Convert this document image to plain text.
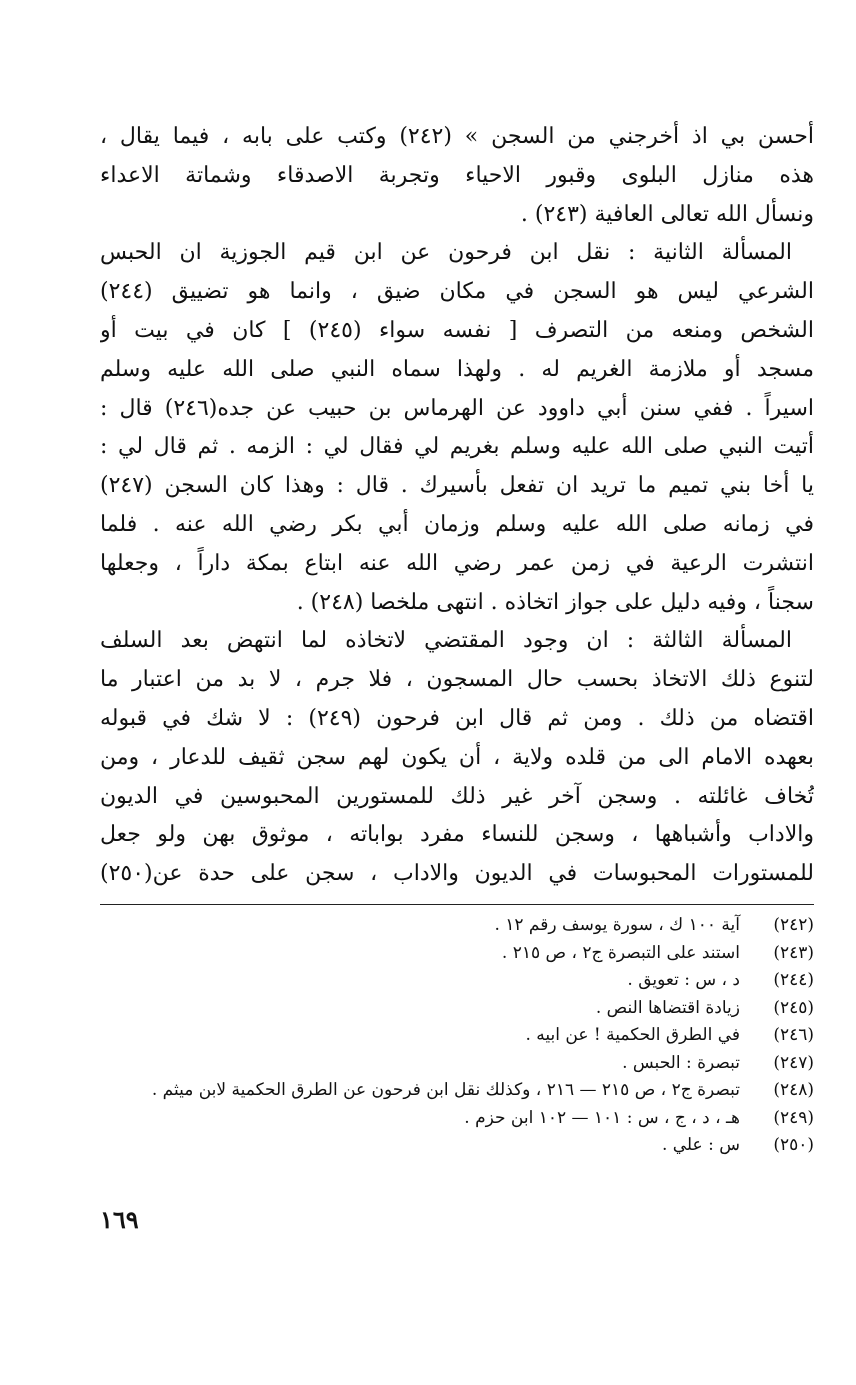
أحسن بي اذ أخرجني من السجن » (٢٤٢) وكتب على بابه ، فيما يقال ،
هذه منازل البلوى وقبور الاحياء وتجربة الاصدقاء وشماتة الاعداء
ونسأل الله تعالى العافية (٢٤٣) .
المسألة الثانية : نقل ابن فرحون عن ابن قيم الجوزية ان الحبس
الشرعي ليس هو السجن في مكان ضيق ، وانما هو تضييق (٢٤٤)
الشخص ومنعه من التصرف [ نفسه سواء (٢٤٥) ] كان في بيت أو
مسجد أو ملازمة الغريم له . ولهذا سماه النبي صلى الله عليه وسلم
اسيراً . ففي سنن أبي داوود عن الهرماس بن حبيب عن جده(٢٤٦) قال :
أتيت النبي صلى الله عليه وسلم بغريم لي فقال لي : الزمه . ثم قال لي :
يا أخا بني تميم ما تريد ان تفعل بأسيرك . قال : وهذا كان السجن (٢٤٧)
في زمانه صلى الله عليه وسلم وزمان أبي بكر رضي الله عنه . فلما
انتشرت الرعية في زمن عمر رضي الله عنه ابتاع بمكة داراً ، وجعلها
سجناً ، وفيه دليل على جواز اتخاذه . انتهى ملخصا (٢٤٨) .
المسألة الثالثة : ان وجود المقتضي لاتخاذه لما انتهض بعد السلف
لتنوع ذلك الاتخاذ بحسب حال المسجون ، فلا جرم ، لا بد من اعتبار ما
اقتضاه من ذلك . ومن ثم قال ابن فرحون (٢٤٩) : لا شك في قبوله
بعهده الامام الى من قلده ولاية ، أن يكون لهم سجن ثقيف للدعار ، ومن
تُخاف غائلته . وسجن آخر غير ذلك للمستورين المحبوسين في الديون
والاداب وأشباهها ، وسجن للنساء مفرد بواباته ، موثوق بهن ولو جعل
للمستورات المحبوسات في الديون والاداب ، سجن على حدة عن(٢٥٠)
(٢٤٢)
آية ١٠٠ ك ، سورة يوسف رقم ١٢ .
(٢٤٣)
استند على التبصرة ج٢ ، ص ٢١٥ .
(٢٤٤)
د ، س : تعويق .
(٢٤٥)
زيادة اقتضاها النص .
(٢٤٦)
في الطرق الحكمية ! عن ابيه .
(٢٤٧)
تبصرة : الحبس .
(٢٤٨)
تبصرة ج٢ ، ص ٢١٥ — ٢١٦ ، وكذلك نقل ابن فرحون عن الطرق الحكمية لابن ميثم .
(٢٤٩)
هـ ، د ، ج ، س : ١٠١ — ١٠٢ ابن حزم .
(٢٥٠)
س : علي .
١٦٩
